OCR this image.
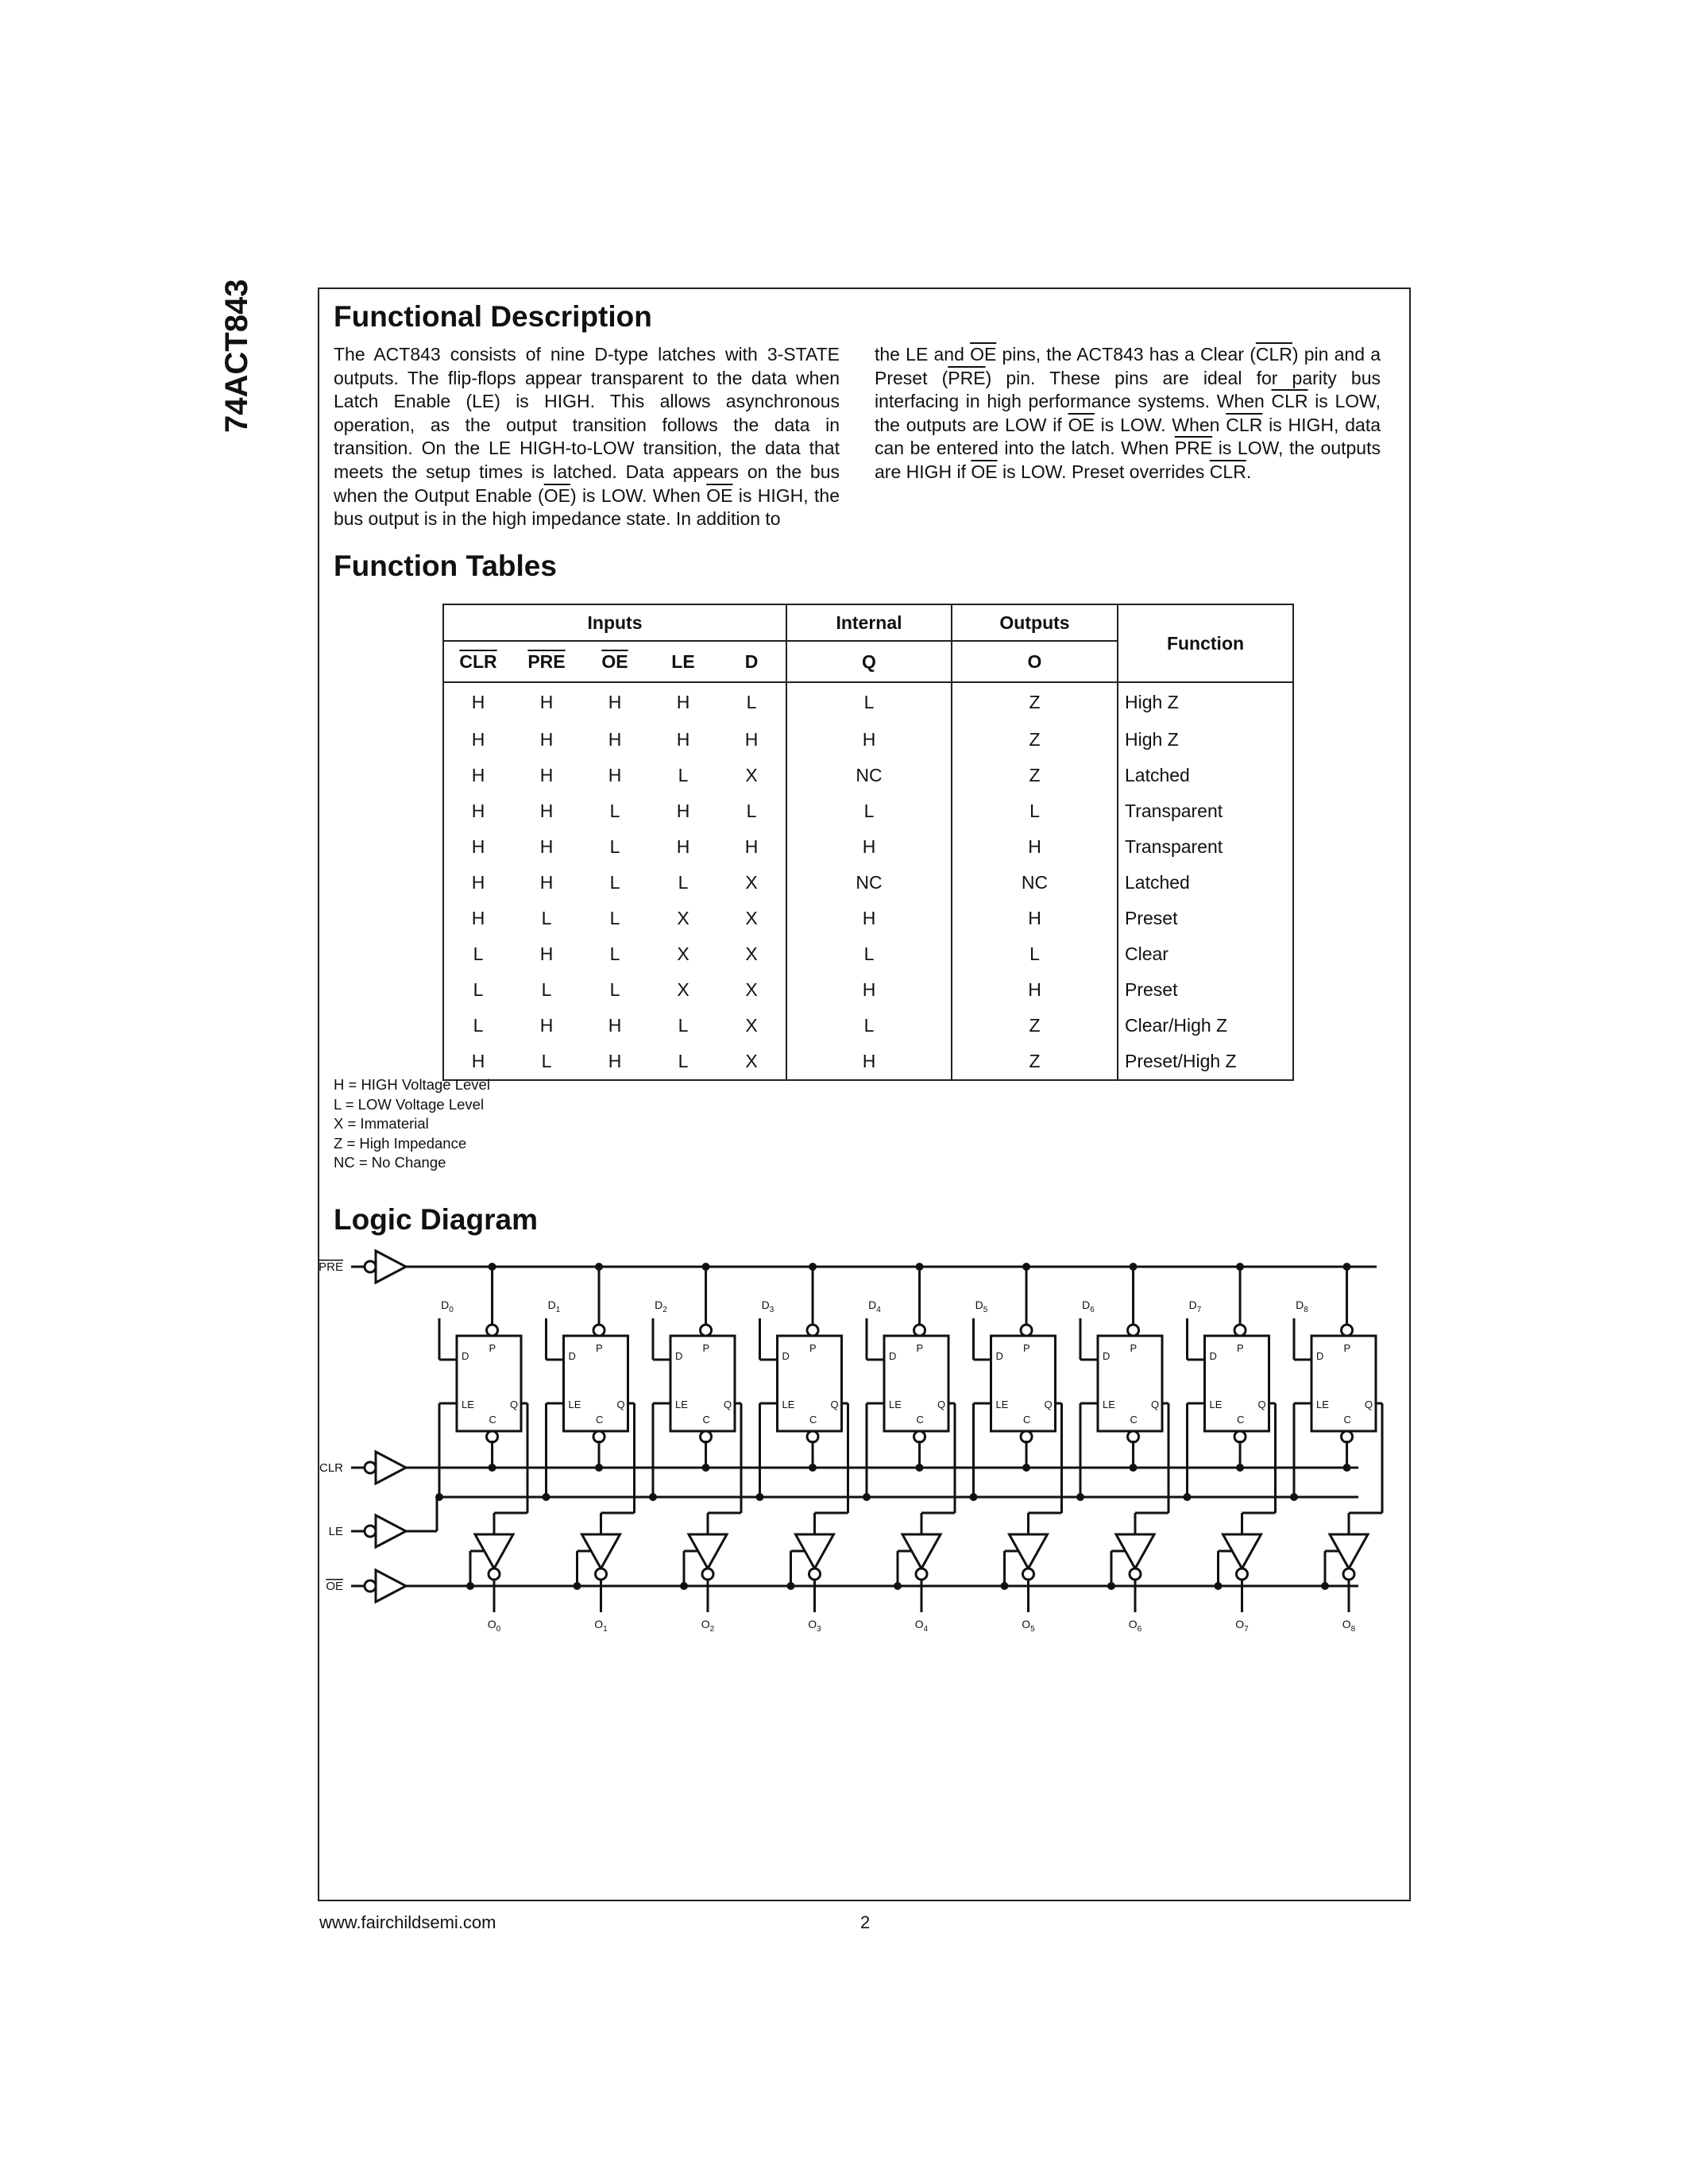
74ACT843	Functional Description

The ACT843 consists of nine D-type latches with 3-STATE outputs. The flip-flops appear transparent to the data when Latch Enable (LE) is HIGH. This allows asynchronous operation, as the output transition follows the data in transition. On the LE HIGH-to-LOW transition, the data that meets the setup times is latched. Data appears on the bus when the Output Enable $(\overline{OE})$ is LOW. When $\overline{OE}$ is HIGH, the bus output is in the high impedance state. In addition to

the LE and $\overline{OE}$ pins, the ACT843 has a Clear $(\overline{CLR})$ pin and a Preset $(\overline{PRE})$ pin. These pins are ideal for parity bus interfacing in high performance systems. When $\overline{CLR}$ is LOW, the outputs are LOW if $\overline{OE}$ is LOW. When $\overline{CLR}$ is HIGH, data can be entered into the latch. When $\overline{PRE}$ is LOW, the outputs are HIGH if $\overline{OE}$ is LOW. Preset overrides $\overline{CLR}$.

Function Tables
Inputs					Internal	Outputs	Function
$\overline{CLR}$	$\overline{PRE}$	$\overline{OE}$	LE	D	Q	O	
H	H	H	H	L	L	Z	High Z
H	H	H	H	H	H	Z	High Z
H	H	H	L	X	NC	Z	Latched
H	H	L	H	L	L	L	Transparent
H	H	L	H	H	H	H	Transparent
H	H	L	L	X	NC	NC	Latched
H	L	L	X	X	H	H	Preset
L	H	L	X	X	L	L	Clear
L	L	L	X	X	H	H	Preset
L	H	H	L	X	L	Z	Clear/High Z
H	L	H	L	X	H	Z	Preset/High Z
H = HIGH Voltage Level
L = LOW Voltage Level
X = Immaterial
Z = High Impedance
NC = No Change
Logic Diagram
PRE
CLR
LE
OE
D
P
LE	Q
C
$D_0$
$O_0$
D
P
LE	Q
C
$D_1$
$O_1$
D
P
LE	Q
C
$D_2$
$O_2$
D
P
LE	Q
C
$D_3$
$O_3$
D
P
LE	Q
C
$D_4$
$O_4$
D
P
LE	Q
C
$D_5$
$O_5$
D
P
LE	Q
C
$D_6$
$O_6$
D
P
LE	Q
C
$D_7$
$O_7$
D
P
LE	Q
C
$D_8$
$O_8$
www.fairchildsemi.com	2
